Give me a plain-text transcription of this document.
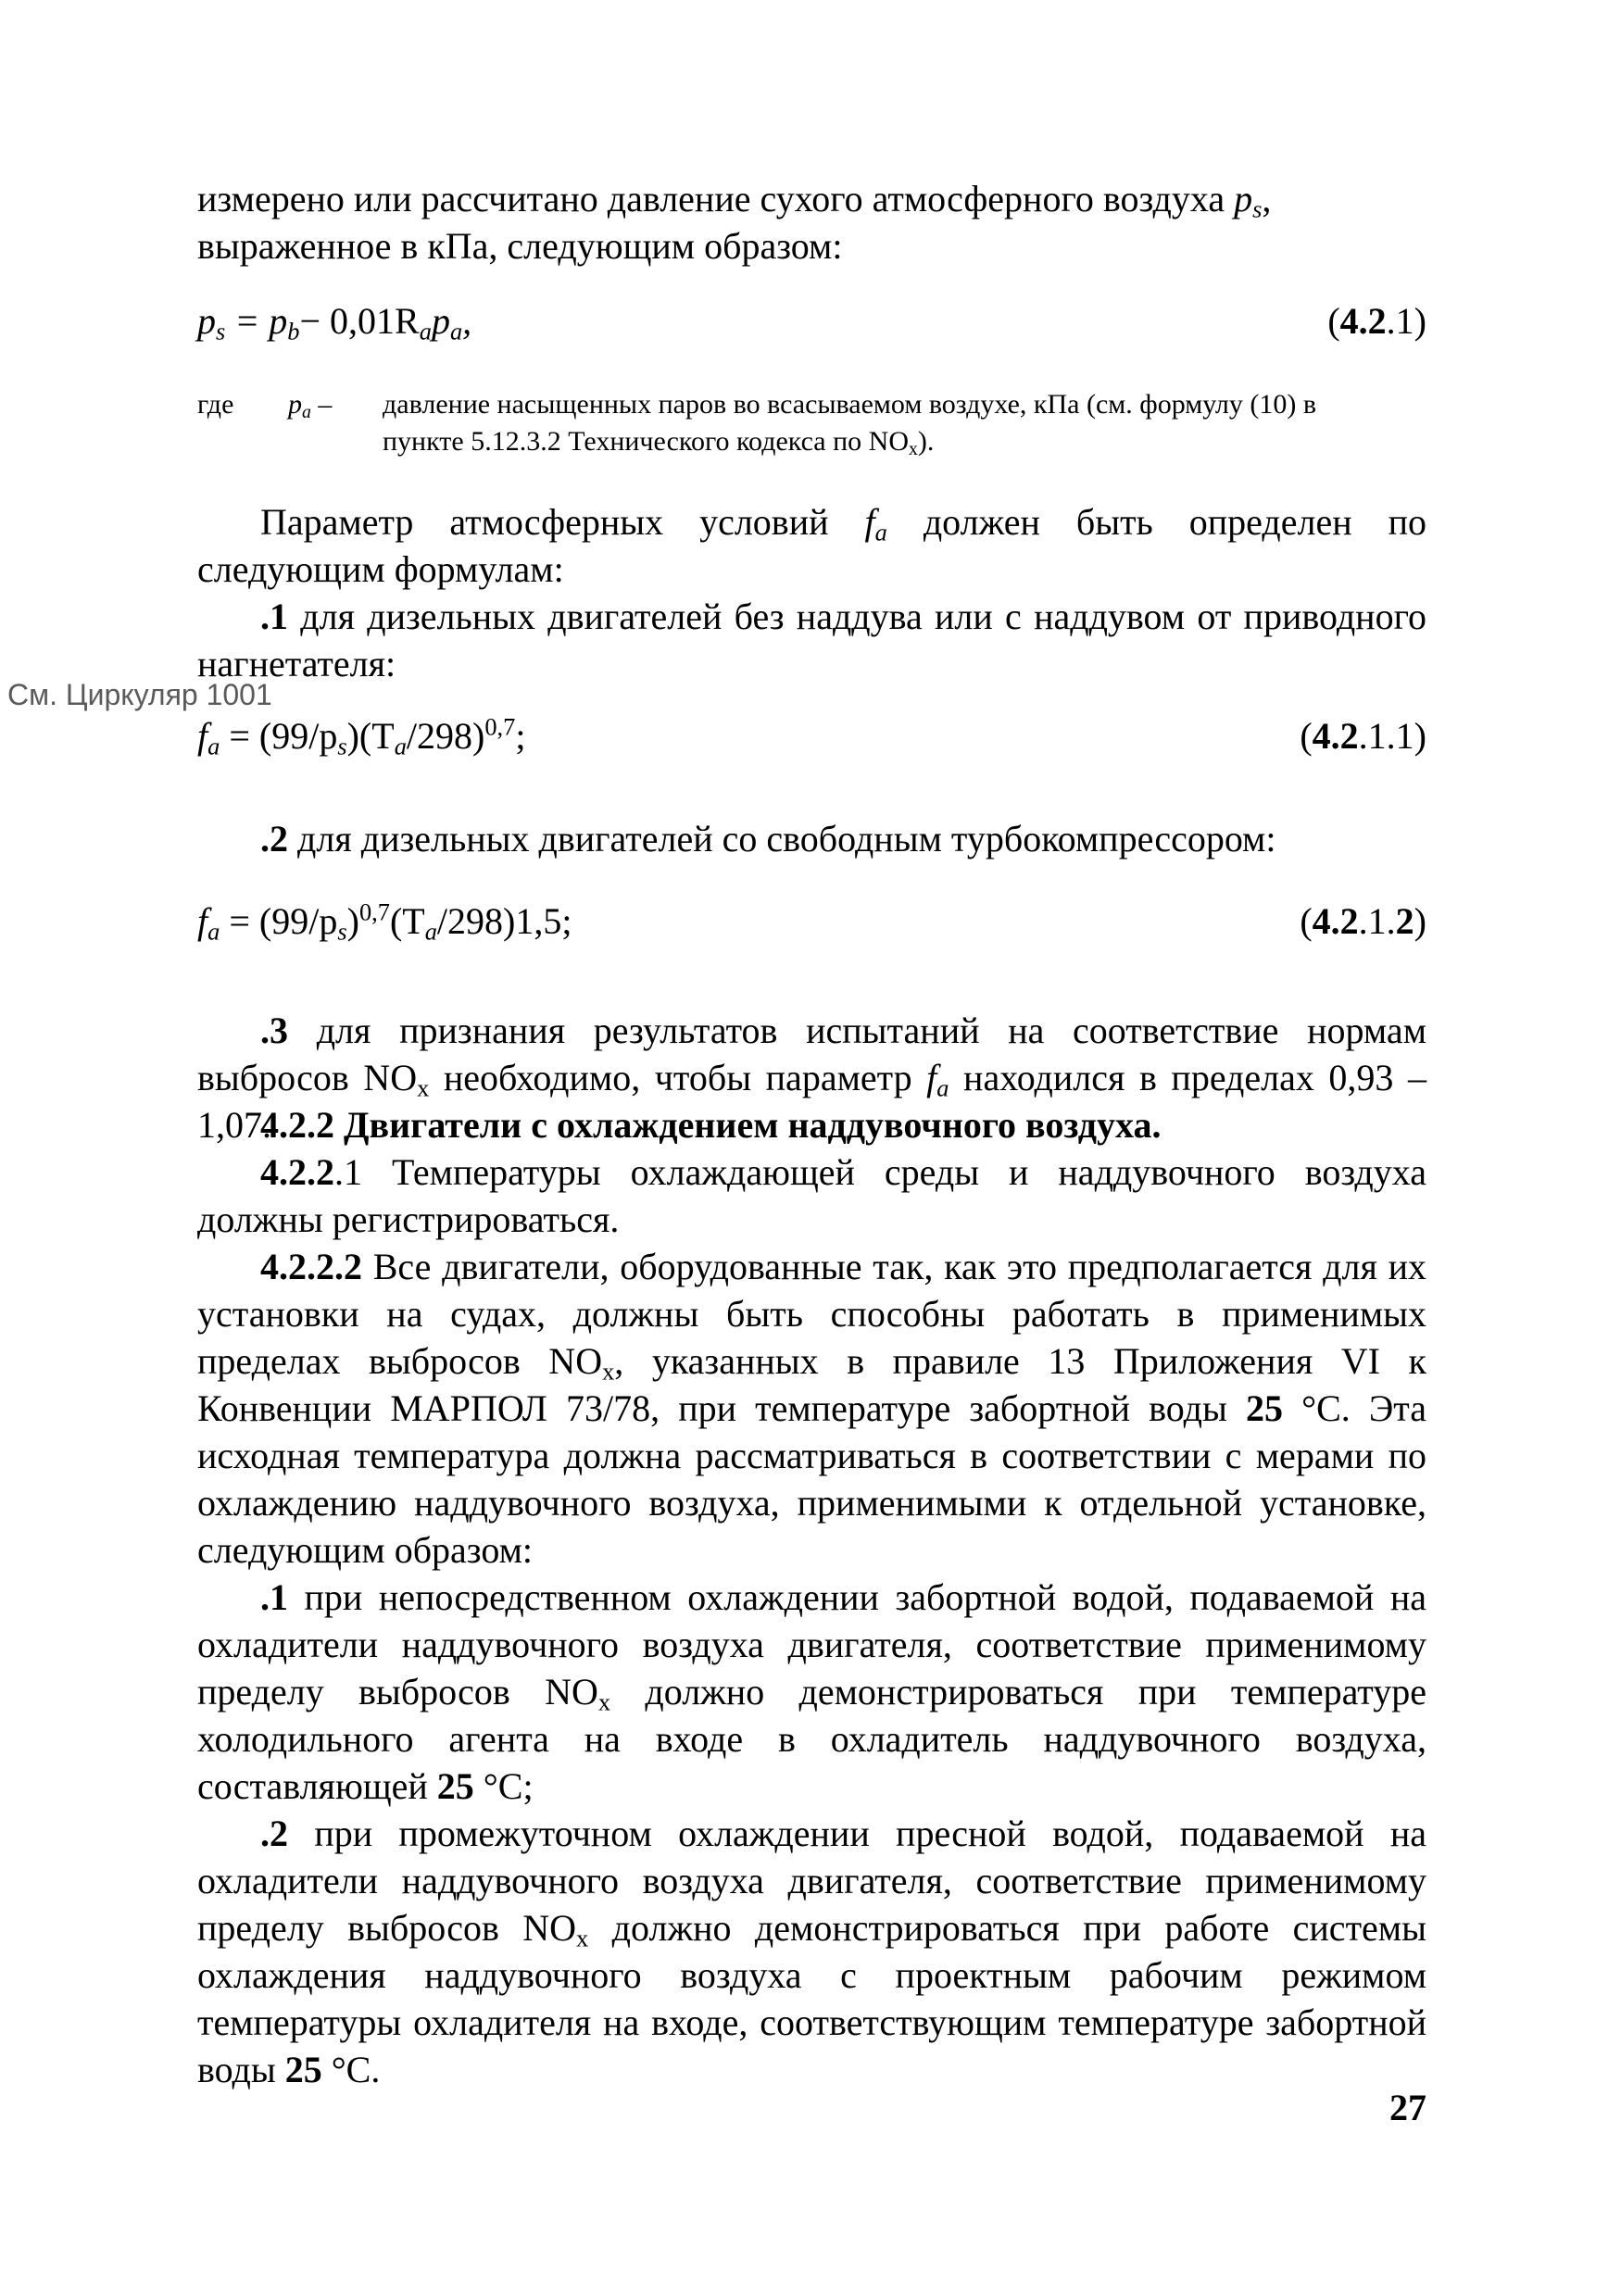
измерено или рассчитано давление сухого атмосферного воздуха $p_s$,
выраженное в кПа, следующим образом:
$p_s = p_b- 0,01R_ap_a$,	(4.2.1)
где $p_a$ – давление насыщенных паров во всасываемом воздухе, кПа (см. формулу (10) в
пункте 5.12.3.2 Технического кодекса по $NO_x$).
Параметр атмосферных условий $f_a$ должен быть определен по следующим формулам:
.1 для дизельных двигателей без наддува или с наддувом от приводного нагнетателя:
$f_a = (99/p_s)(T_a/298)^{0,7}$;	(4.2.1.1)
.2 для дизельных двигателей со свободным турбокомпрессором:
$f_a = (99/p_s)^{0,7}(T_a/298)1,5$;	(4.2.1.2)
.3 для признания результатов испытаний на соответствие нормам выбросов $NO_x$ необходимо, чтобы параметр $f_a$ находился в пределах 0,93 – 1,07.
4.2.2 Двигатели с охлаждением наддувочного воздуха.
4.2.2.1 Температуры охлаждающей среды и наддувочного воздуха должны регистрироваться.
4.2.2.2 Все двигатели, оборудованные так, как это предполагается для их установки на судах, должны быть способны работать в применимых пределах выбросов $NO_x$, указанных в правиле 13 Приложения VI к Конвенции МАРПОЛ 73/78, при температуре забортной воды 25 °С. Эта исходная температура должна рассматриваться в соответствии с мерами по охлаждению наддувочного воздуха, применимыми к отдельной установке, следующим образом:
.1 при непосредственном охлаждении забортной водой, подаваемой на охладители наддувочного воздуха двигателя, соответствие применимому пределу выбросов $NO_x$ должно демонстрироваться при температуре холодильного агента на входе в охладитель наддувочного воздуха, составляющей 25 °С;
.2 при промежуточном охлаждении пресной водой, подаваемой на охладители наддувочного воздуха двигателя, соответствие применимому пределу выбросов $NO_x$ должно демонстрироваться при работе системы охлаждения наддувочного воздуха с проектным рабочим режимом температуры охладителя на входе, соответствующим температуре забортной воды 25 °С.
27
См. Циркуляр 1001
